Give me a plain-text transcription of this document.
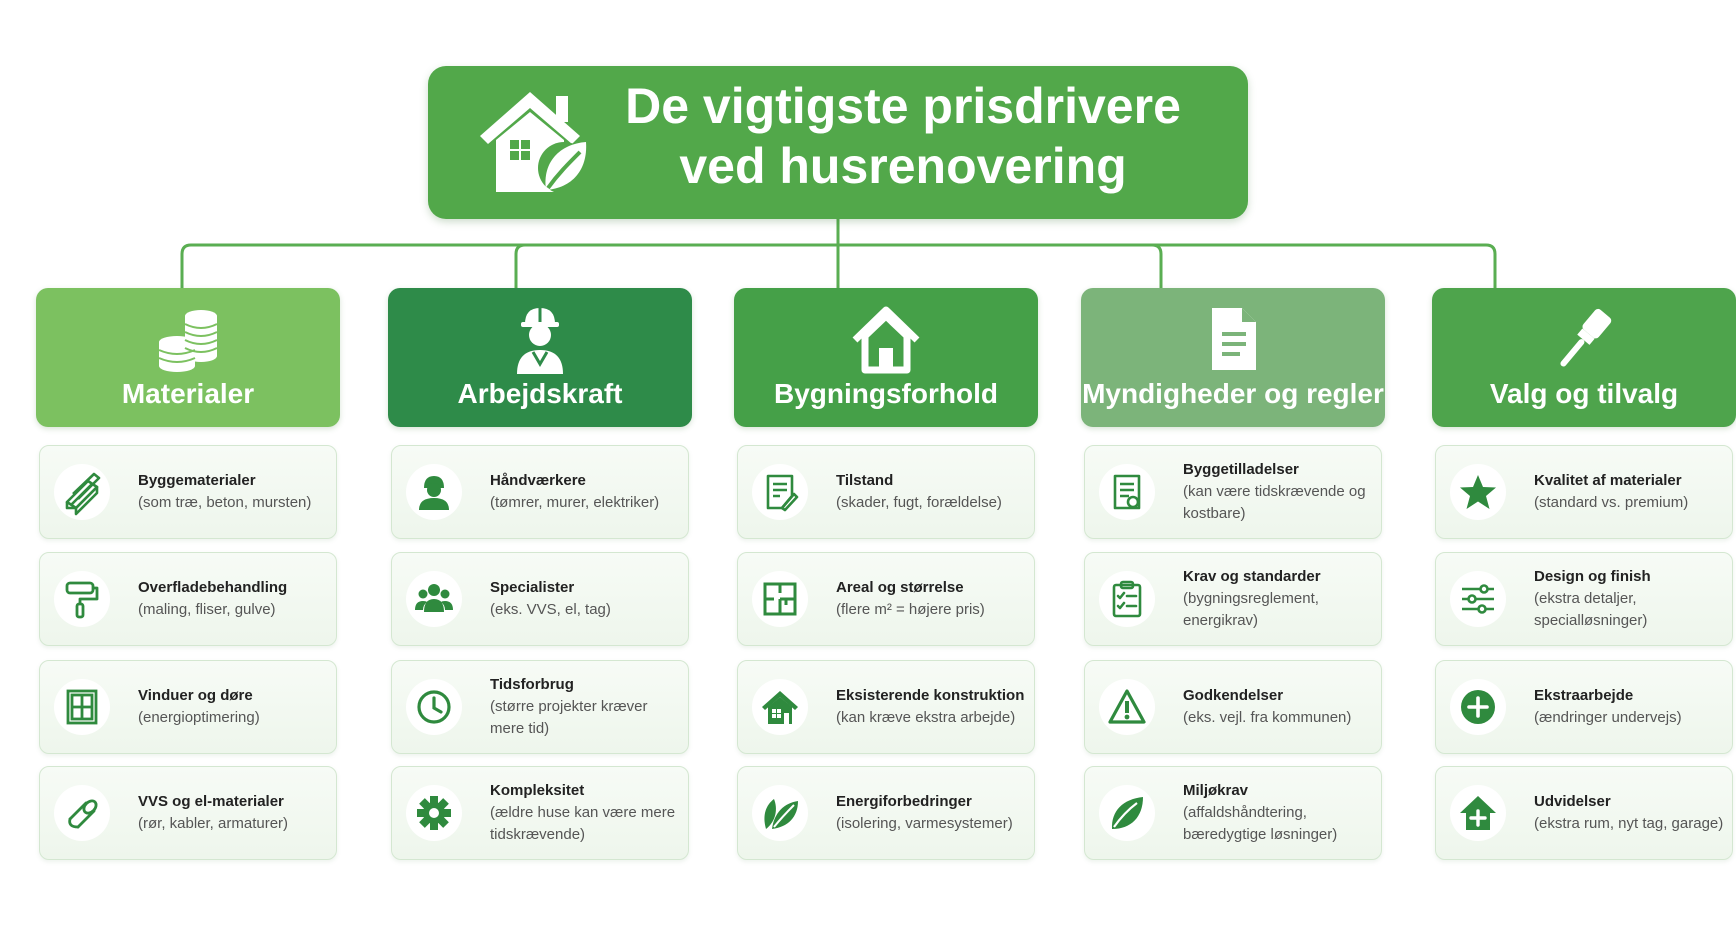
De vigtigste prisdrivere
ved husrenovering
Materialer
Byggematerialer
(som træ, beton, mursten)
Overfladebehandling
(maling, fliser, gulve)
Vinduer og døre
(energioptimering)
VVS og el-materialer
(rør, kabler, armaturer)
Arbejdskraft
Håndværkere
(tømrer, murer, elektriker)
Specialister
(eks. VVS, el, tag)
Tidsforbrug
(større projekter kræver mere tid)
Kompleksitet
(ældre huse kan være mere tidskrævende)
Bygningsforhold
Tilstand
(skader, fugt, forældelse)
Areal og størrelse
(flere m² = højere pris)
Eksisterende konstruktion
(kan kræve ekstra arbejde)
Energiforbedringer
(isolering, varmesystemer)
Myndigheder og regler
Byggetilladelser
(kan være tidskrævende og kostbare)
Krav og standarder
(bygningsreglement, energikrav)
Godkendelser
(eks. vejl. fra kommunen)
Miljøkrav
(affaldshåndtering, bæredygtige løsninger)
Valg og tilvalg
Kvalitet af materialer
(standard vs. premium)
Design og finish
(ekstra detaljer, specialløsninger)
Ekstraarbejde
(ændringer undervejs)
Udvidelser
(ekstra rum, nyt tag, garage)
